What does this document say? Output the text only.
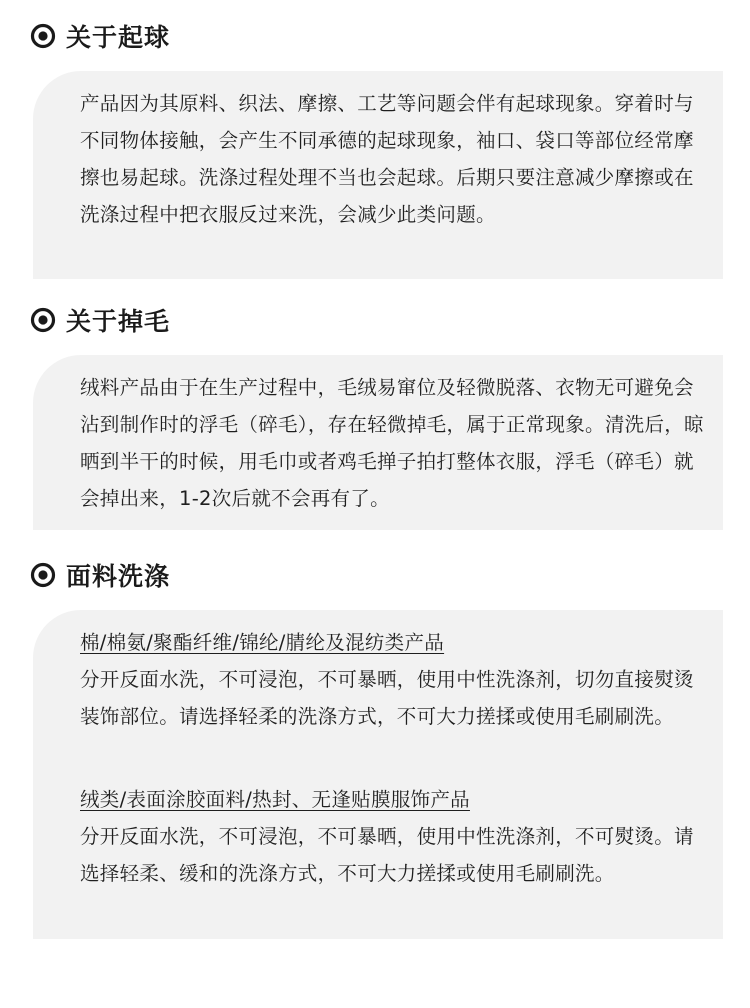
关于起球
产品因为其原料、织法、摩擦、工艺等问题会伴有起球现象。穿着时与不同物体接触，会产生不同承德的起球现象，袖口、袋口等部位经常摩擦也易起球。洗涤过程处理不当也会起球。后期只要注意减少摩擦或在洗涤过程中把衣服反过来洗，会减少此类问题。
关于掉毛
绒料产品由于在生产过程中，毛绒易窜位及轻微脱落、衣物无可避免会沾到制作时的浮毛（碎毛），存在轻微掉毛，属于正常现象。清洗后，晾晒到半干的时候，用毛巾或者鸡毛掸子拍打整体衣服，浮毛（碎毛）就会掉出来，1-2次后就不会再有了。
面料洗涤
棉/棉氨/聚酯纤维/锦纶/腈纶及混纺类产品
分开反面水洗，不可浸泡，不可暴晒，使用中性洗涤剂，切勿直接熨烫装饰部位。请选择轻柔的洗涤方式，不可大力搓揉或使用毛刷刷洗。
绒类/表面涂胶面料/热封、无逢贴膜服饰产品
分开反面水洗，不可浸泡，不可暴晒，使用中性洗涤剂，不可熨烫。请选择轻柔、缓和的洗涤方式，不可大力搓揉或使用毛刷刷洗。
